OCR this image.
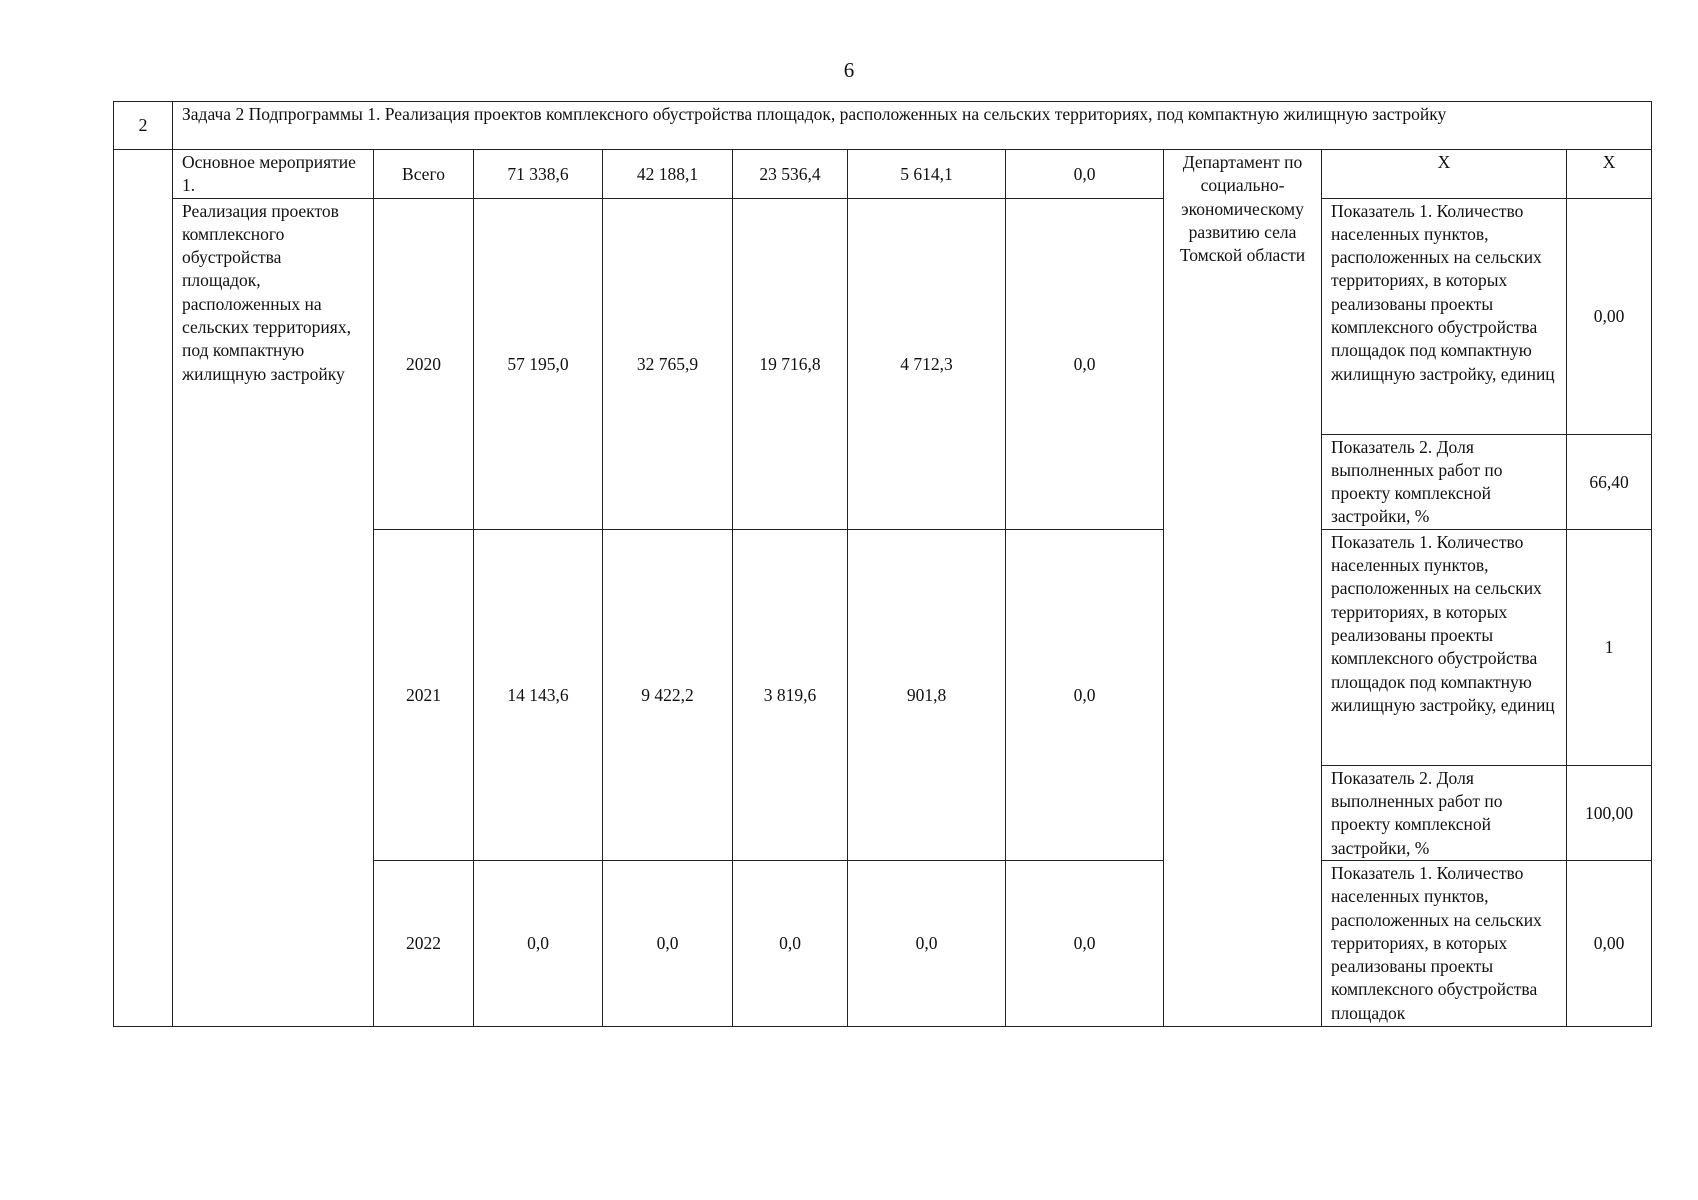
6
2	Задача 2 Подпрограммы 1. Реализация проектов комплексного обустройства площадок, расположенных на сельских территориях, под компактную жилищную застройку									
	Основное мероприятие 1.	Всего	71 338,6	42 188,1	23 536,4	5 614,1	0,0	Департамент по социально-экономическому развитию села Томской области	Х	Х
	Реализация проектов комплексного обустройства площадок, расположенных на сельских территориях, под компактную жилищную застройку	2020	57 195,0	32 765,9	19 716,8	4 712,3	0,0		Показатель 1. Количество населенных пунктов, расположенных на сельских территориях, в которых реализованы проекты комплексного обустройства площадок под компактную жилищную застройку, единиц	0,00
									Показатель 2. Доля выполненных работ по проекту комплексной застройки, %	66,40
		2021	14 143,6	9 422,2	3 819,6	901,8	0,0		Показатель 1. Количество населенных пунктов, расположенных на сельских территориях, в которых реализованы проекты комплексного обустройства площадок под компактную жилищную застройку, единиц	1
									Показатель 2. Доля выполненных работ по проекту комплексной застройки, %	100,00
		2022	0,0	0,0	0,0	0,0	0,0		Показатель 1. Количество населенных пунктов, расположенных на сельских территориях, в которых реализованы проекты комплексного обустройства площадок	0,00
